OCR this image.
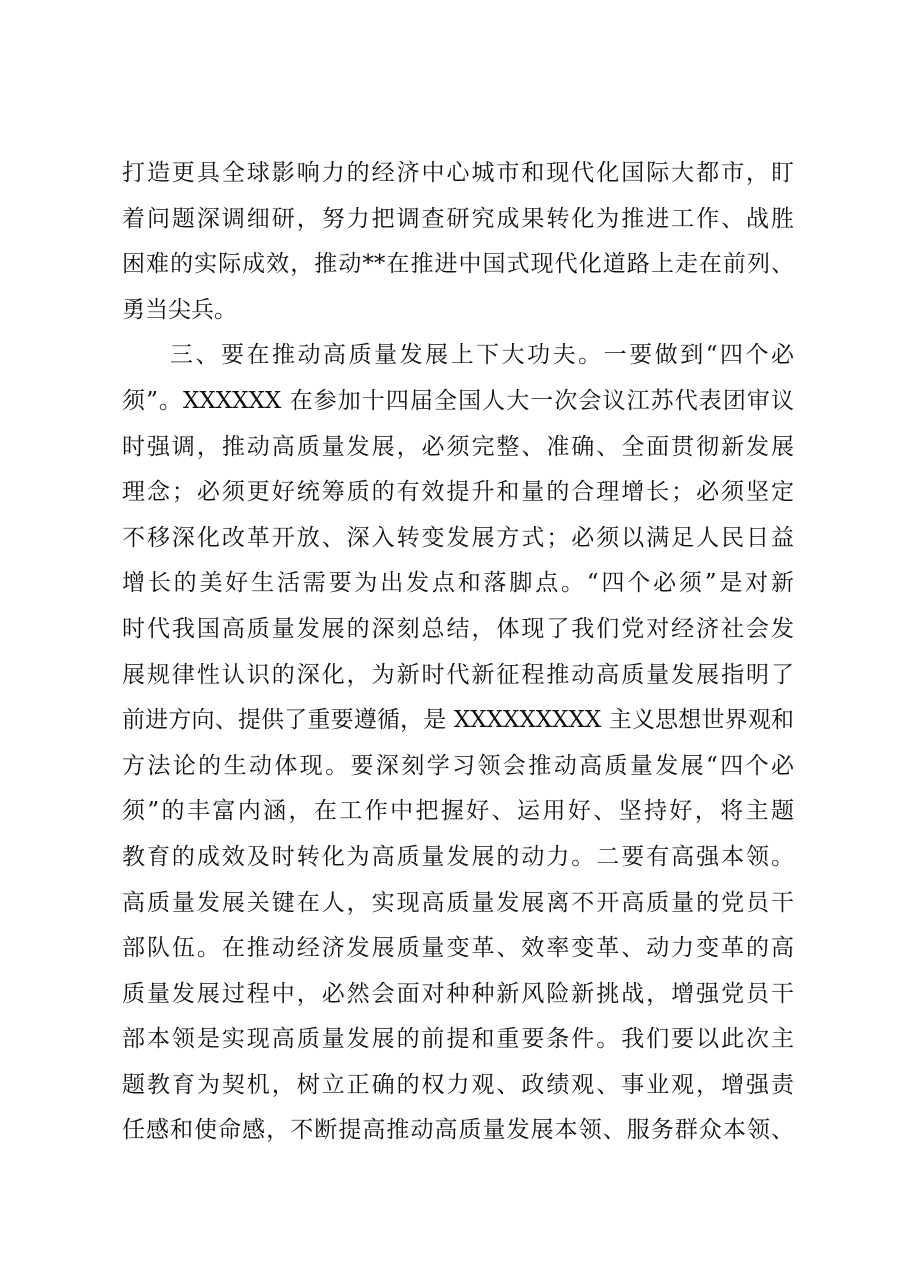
打造更具全球影响力的经济中心城市和现代化国际大都市，盯
着问题深调细研，努力把调查研究成果转化为推进工作、战胜
困难的实际成效，推动**在推进中国式现代化道路上走在前列、
勇当尖兵。
三、要在推动高质量发展上下大功夫。一要做到“四个必
须”。XXXXXX 在参加十四届全国人大一次会议江苏代表团审议
时强调，推动高质量发展，必须完整、准确、全面贯彻新发展
理念；必须更好统筹质的有效提升和量的合理增长；必须坚定
不移深化改革开放、深入转变发展方式；必须以满足人民日益
增长的美好生活需要为出发点和落脚点。“四个必须”是对新
时代我国高质量发展的深刻总结，体现了我们党对经济社会发
展规律性认识的深化，为新时代新征程推动高质量发展指明了
前进方向、提供了重要遵循，是 XXXXXXXXX 主义思想世界观和
方法论的生动体现。要深刻学习领会推动高质量发展“四个必
须”的丰富内涵，在工作中把握好、运用好、坚持好，将主题
教育的成效及时转化为高质量发展的动力。二要有高强本领。
高质量发展关键在人，实现高质量发展离不开高质量的党员干
部队伍。在推动经济发展质量变革、效率变革、动力变革的高
质量发展过程中，必然会面对种种新风险新挑战，增强党员干
部本领是实现高质量发展的前提和重要条件。我们要以此次主
题教育为契机，树立正确的权力观、政绩观、事业观，增强责
任感和使命感，不断提高推动高质量发展本领、服务群众本领、
